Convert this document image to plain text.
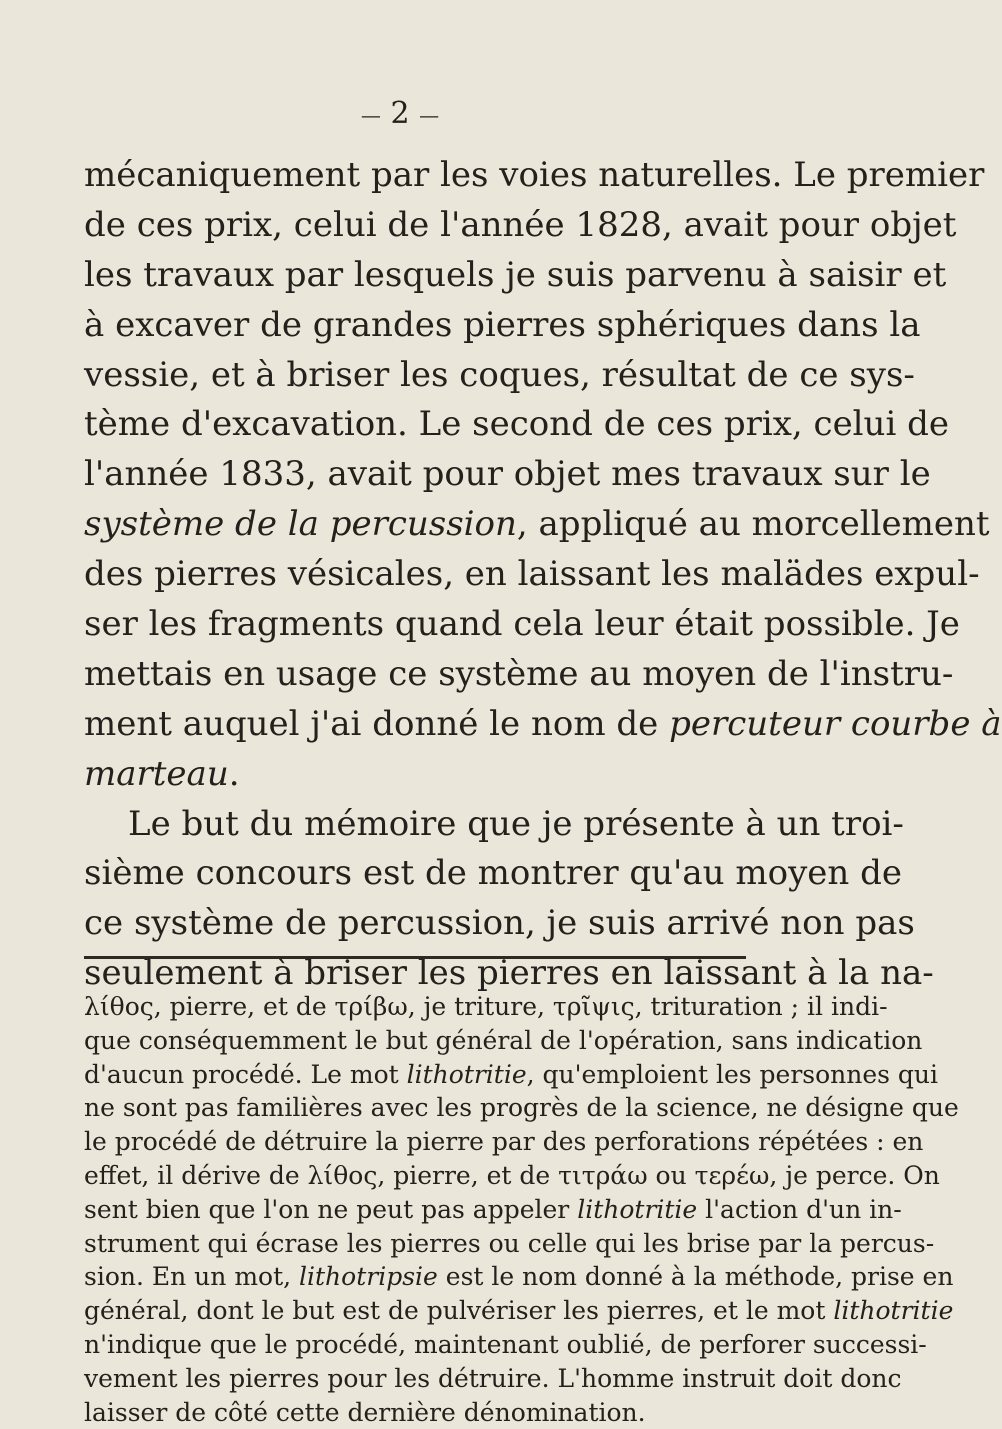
— 2 —
mécaniquement par les voies naturelles. Le premier
de ces prix, celui de l'année 1828, avait pour objet
les travaux par lesquels je suis parvenu à saisir et
à excaver de grandes pierres sphériques dans la
vessie, et à briser les coques, résultat de ce sys-
tème d'excavation. Le second de ces prix, celui de
l'année 1833, avait pour objet mes travaux sur le
système de la percussion, appliqué au morcellement
des pierres vésicales, en laissant les malädes expul-
ser les fragments quand cela leur était possible. Je
mettais en usage ce système au moyen de l'instru-
ment auquel j'ai donné le nom de percuteur courbe à
marteau.
Le but du mémoire que je présente à un troi-
sième concours est de montrer qu'au moyen de
ce système de percussion, je suis arrivé non pas
seulement à briser les pierres en laissant à la na-
λίθος, pierre, et de τρίβω, je triture, τρῖψις, trituration ; il indi-
que conséquemment le but général de l'opération, sans indication
d'aucun procédé. Le mot lithotritie, qu'emploient les personnes qui
ne sont pas familières avec les progrès de la science, ne désigne que
le procédé de détruire la pierre par des perforations répétées : en
effet, il dérive de λίθος, pierre, et de τιτράω ou τερέω, je perce. On
sent bien que l'on ne peut pas appeler lithotritie l'action d'un in-
strument qui écrase les pierres ou celle qui les brise par la percus-
sion. En un mot, lithotripsie est le nom donné à la méthode, prise en
général, dont le but est de pulvériser les pierres, et le mot lithotritie
n'indique que le procédé, maintenant oublié, de perforer successi-
vement les pierres pour les détruire. L'homme instruit doit donc
laisser de côté cette dernière dénomination.
